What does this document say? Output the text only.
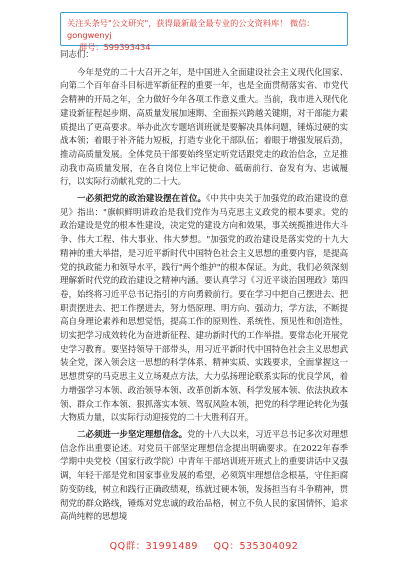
关注头条号"公文研究"，获得最新最全最专业的公文资料库！ 微信：gongwenyj
群号：599393434
同志们：

今年是党的二十大召开之年，是中国进入全面建设社会主义现代化国家、向第二个百年奋斗目标进军新征程的重要一年，也是全面贯彻落实省、市党代会精神的开局之年，全力做好今年各项工作意义重大。当前，我市进入现代化建设新征程起步期、高质量发展加速期、全面振兴跨越关键期，对干部能力素质提出了更高要求。举办此次专题培训班就是要解决具体问题，锤炼过硬的实战本领；着眼于补齐能力短板，打造专业化干部队伍；着眼于增强发展后劲，推动高质量发展。全体党员干部要始终坚定听党话跟党走的政治信念，立足推动我市高质量发展，在各自岗位上牢记使命、砥砺前行、奋发有为、忠诚履行，以实际行动献礼党的二十大。

一必须把党的政治建设摆在首位。《中共中央关于加强党的政治建设的意见》指出："旗帜鲜明讲政治是我们党作为马克思主义政党的根本要求。党的政治建设是党的根本性建设，决定党的建设方向和效果，事关统揽推进伟大斗争、伟大工程、伟大事业、伟大梦想。"加强党的政治建设是落实党的十九大精神的重大举措，是习近平新时代中国特色社会主义思想的重要内容，是提高党的执政能力和领导水平，践行"两个维护"的根本保证。为此，我们必须深刻理解新时代党的政治建设之精神内涵。要认真学习《习近平谈治国理政》第四卷，始终将习近平总书记指引的方向勇毅前行。要在学习中把自己摆进去、把职责摆进去、把工作摆进去，努力悟原理、明方向、强动力，学方法，不断提高自身理论素养和思想觉悟，提高工作的原则性、系统性、预见性和创造性，切实把学习成效转化为奋进新征程、建功新时代的工作举措。要常态化开展党史学习教育。要坚持领导干部带头，用习近平新时代中国特色社会主义思想武装全党，深入领会这一思想的科学体系、精神实质、实践要求，全面掌握这一思想贯穿的马克思主义立场观点方法，大力弘扬理论联系实际的优良学风，着力增强学习本领、政治领导本领、改革创新本领、科学发展本领、依法执政本领、群众工作本领、狠抓落实本领、驾驭风险本领，把党的科学理论转化为强大物质力量，以实际行动迎接党的二十大胜利召开。

二必须进一步坚定理想信念。党的十八大以来，习近平总书记多次对理想信念作出重要论述。对党员干部坚定理想信念提出明确要求。在2022年春季学期中央党校（国家行政学院）中青年干部培训班开班式上的重要讲话中又强调，年轻干部是党和国家事业发展的希望，必须筑牢理想信念根基，守住拒腐防变防线，树立和践行正确政绩观，练就过硬本领，发扬担当有斗争精神，贯彻党的群众路线，锤炼对党忠诚的政治品格，树立不负人民的家国情怀，追求高尚纯粹的思想境

QQ群：31991489 QQ：535304092
